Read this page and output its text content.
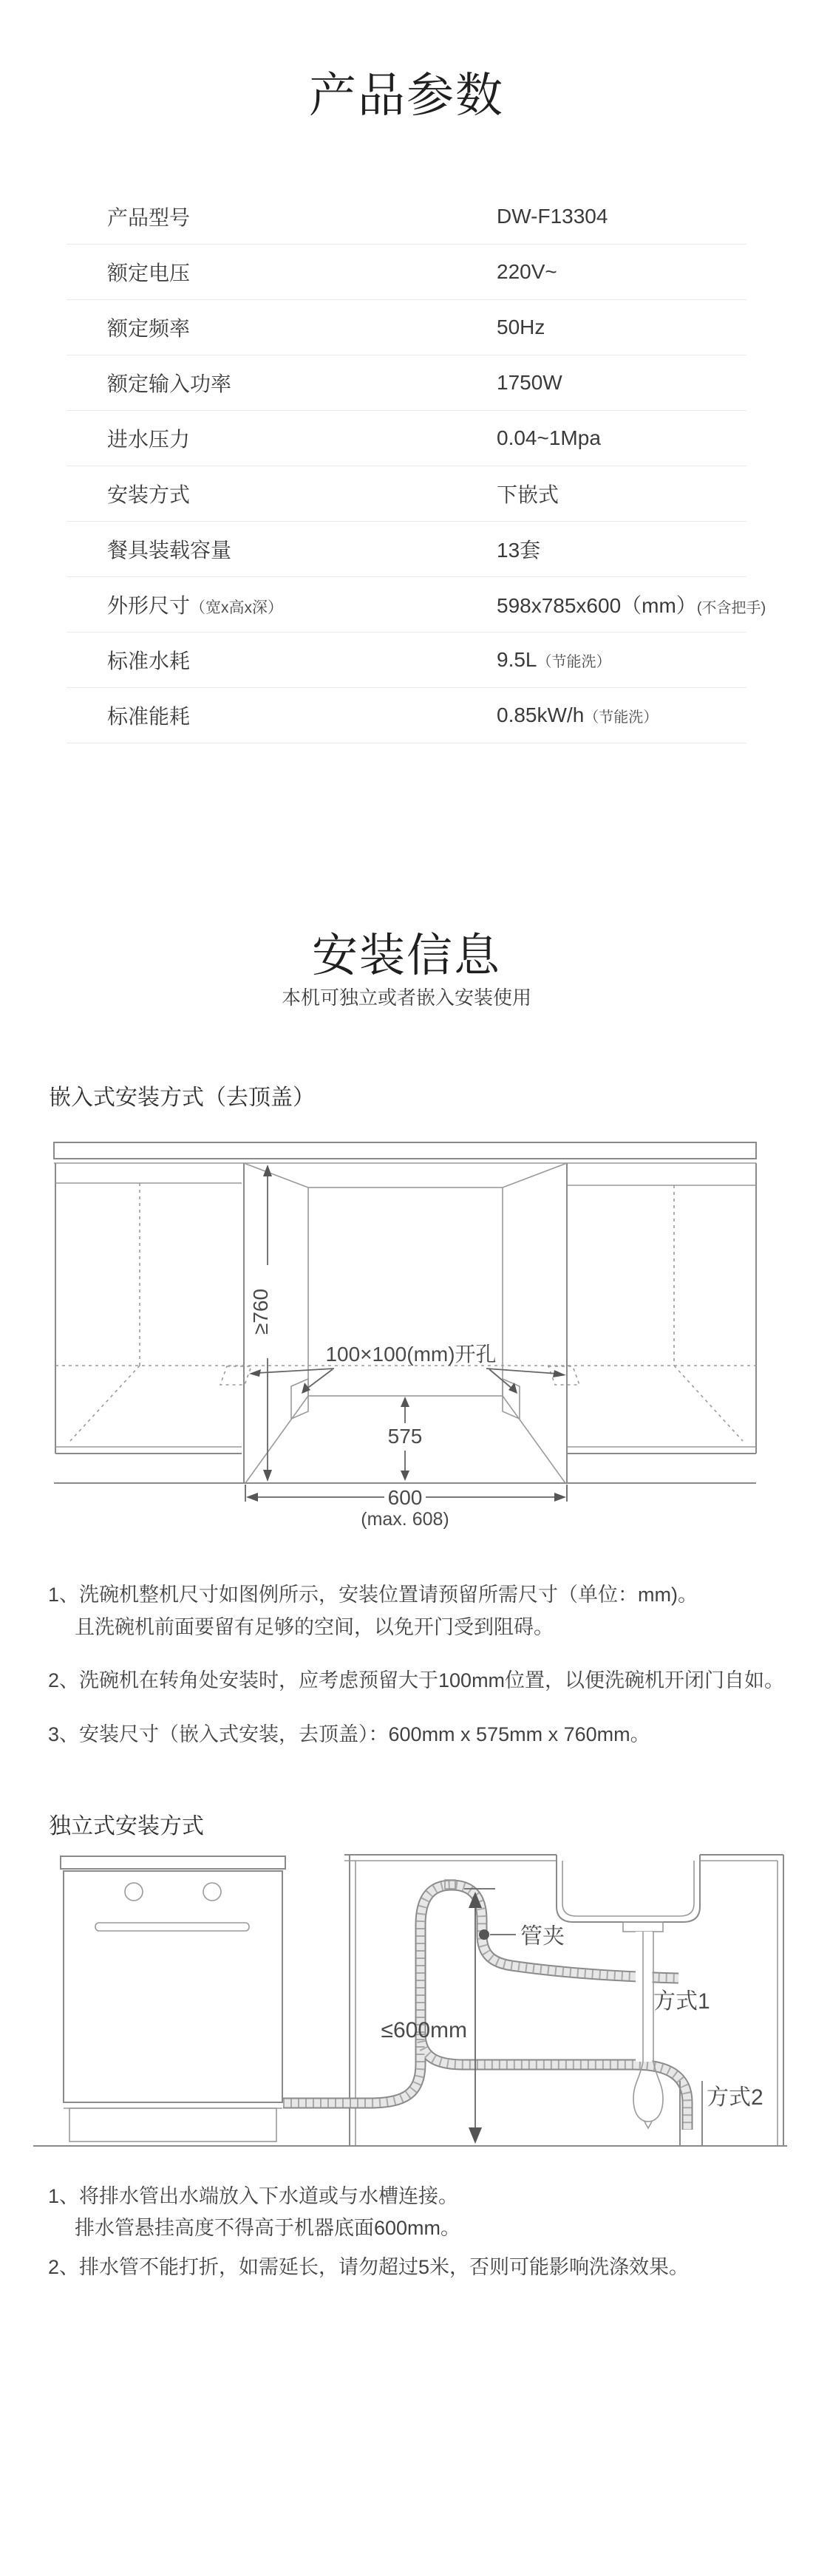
产品参数
产品型号	DW-F13304
额定电压	220V~
额定频率	50Hz
额定输入功率	1750W
进水压力	0.04~1Mpa
安装方式	下嵌式
餐具装载容量	13套
外形尺寸（宽x高x深）	598x785x600（mm）(不含把手)
标准水耗	9.5L（节能洗）
标准能耗	0.85kW/h（节能洗）
安装信息
本机可独立或者嵌入安装使用
嵌入式安装方式（去顶盖）
100×100(mm)开孔
≥760
575
600
(max. 608)
1、洗碗机整机尺寸如图例所示，安装位置请预留所需尺寸（单位：mm)。
且洗碗机前面要留有足够的空间，以免开门受到阻碍。
2、洗碗机在转角处安装时，应考虑预留大于100mm位置，以便洗碗机开闭门自如。
3、安装尺寸（嵌入式安装，去顶盖）：600mm x 575mm x 760mm。
独立式安装方式
管夹
≤600mm
方式1
方式2
1、将排水管出水端放入下水道或与水槽连接。
排水管悬挂高度不得高于机器底面600mm。
2、排水管不能打折，如需延长，请勿超过5米，否则可能影响洗涤效果。
